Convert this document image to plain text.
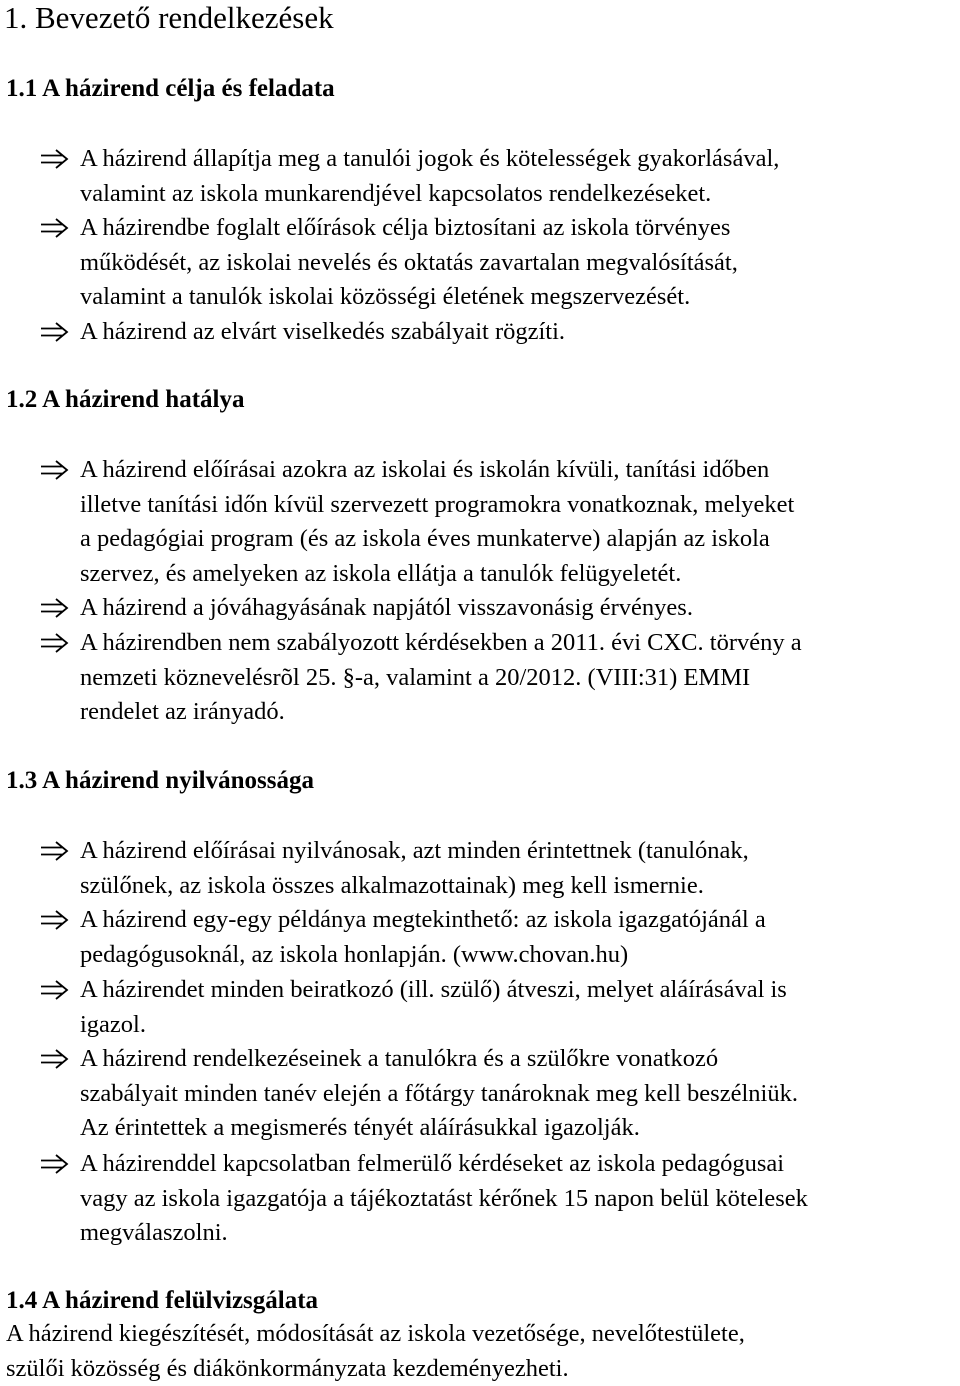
1. Bevezető rendelkezések
1.1 A házirend célja és feladata
A házirend állapítja meg a tanulói jogok és kötelességek gyakorlásával,
valamint az iskola munkarendjével kapcsolatos rendelkezéseket.
A házirendbe foglalt előírások célja biztosítani az iskola törvényes
működését, az iskolai nevelés és oktatás zavartalan megvalósítását,
valamint a tanulók iskolai közösségi életének megszervezését.
A házirend az elvárt viselkedés szabályait rögzíti.
1.2 A házirend hatálya
A házirend előírásai azokra az iskolai és iskolán kívüli, tanítási időben
illetve tanítási időn kívül szervezett programokra vonatkoznak, melyeket
a pedagógiai program (és az iskola éves munkaterve) alapján az iskola
szervez, és amelyeken az iskola ellátja a tanulók felügyeletét.
A házirend a jóváhagyásának napjától visszavonásig érvényes.
A házirendben nem szabályozott kérdésekben a 2011. évi CXC. törvény a
nemzeti köznevelésrõl 25. §-a, valamint a 20/2012. (VIII:31) EMMI
rendelet az irányadó.
1.3 A házirend nyilvánossága
A házirend előírásai nyilvánosak, azt minden érintettnek (tanulónak,
szülőnek, az iskola összes alkalmazottainak) meg kell ismernie.
A házirend egy-egy példánya megtekinthető: az iskola igazgatójánál a
pedagógusoknál, az iskola honlapján. (www.chovan.hu)
A házirendet minden beiratkozó (ill. szülő) átveszi, melyet aláírásával is
igazol.
A házirend rendelkezéseinek a tanulókra és a szülőkre vonatkozó
szabályait minden tanév elején a főtárgy tanároknak meg kell beszélniük.
Az érintettek a megismerés tényét aláírásukkal igazolják.
A házirenddel kapcsolatban felmerülő kérdéseket az iskola pedagógusai
vagy az iskola igazgatója a tájékoztatást kérőnek 15 napon belül kötelesek
megválaszolni.
1.4 A házirend felülvizsgálata
A házirend kiegészítését, módosítását az iskola vezetősége, nevelőtestülete,
szülői közösség és diákönkormányzata kezdeményezheti.
